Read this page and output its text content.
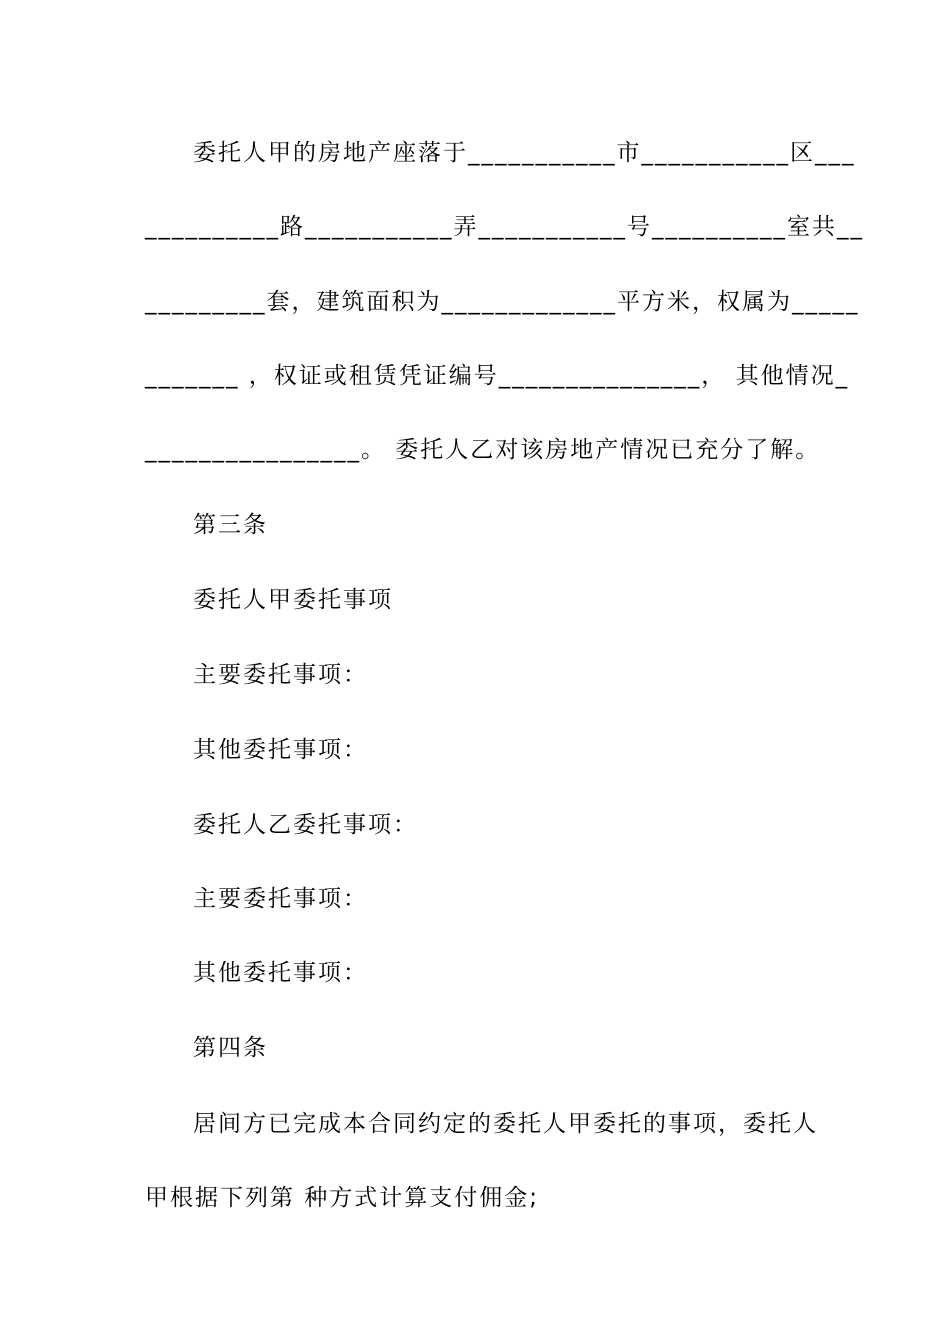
委托人甲的房地产座落于___________市___________区___
__________路___________弄___________号__________室共__
_________套，建筑面积为_____________平方米，权属为_____
_______ ，权证或租赁凭证编号_______________， 其他情况_
________________。 委托人乙对该房地产情况已充分了解。
第三条
委托人甲委托事项
主要委托事项：
其他委托事项：
委托人乙委托事项：
主要委托事项：
其他委托事项：
第四条
居间方已完成本合同约定的委托人甲委托的事项，委托人
甲根据下列第 种方式计算支付佣金;
